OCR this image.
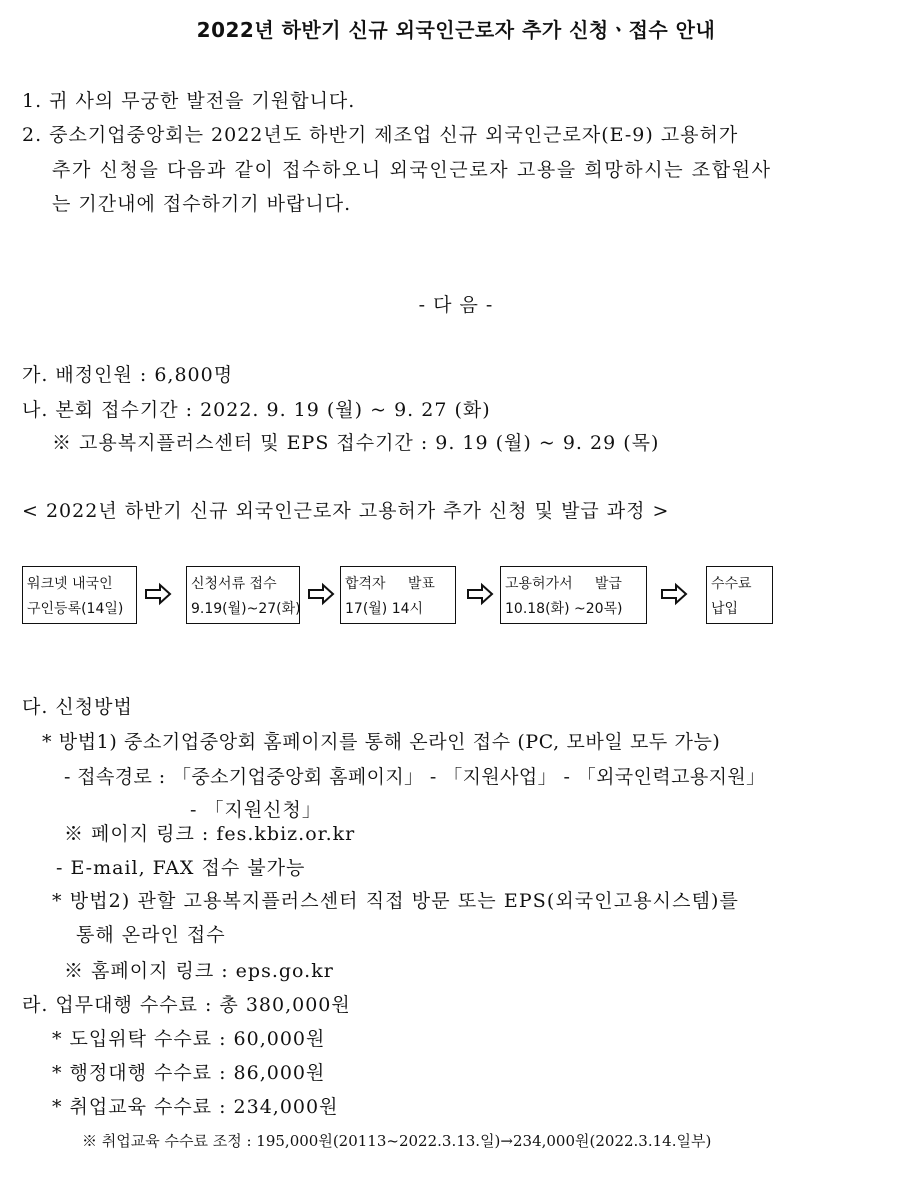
2022년 하반기 신규 외국인근로자 추가 신청ㆍ접수 안내
1. 귀 사의 무궁한 발전을 기원합니다.
2. 중소기업중앙회는 2022년도 하반기 제조업 신규 외국인근로자(E-9) 고용허가
추가 신청을 다음과 같이 접수하오니 외국인근로자 고용을 희망하시는 조합원사
는 기간내에 접수하기기 바랍니다.
- 다 음 -
가. 배정인원 : 6,800명
나. 본회 접수기간 : 2022. 9. 19 (월) ~ 9. 27 (화)
※ 고용복지플러스센터 및 EPS 접수기간 : 9. 19 (월) ~ 9. 29 (목)
< 2022년 하반기 신규 외국인근로자 고용허가 추가 신청 및 발급 과정 >
워크넷 내국인
구인등록(14일)
신청서류 접수
9.19(월)~27(화)
합격자     발표
17(월) 14시
고용허가서     발급
10.18(화) ~20목)
수수료
납입
다. 신청방법
* 방법1) 중소기업중앙회 홈페이지를 통해 온라인 접수 (PC, 모바일 모두 가능)
- 접속경로 : 「중소기업중앙회 홈페이지」 - 「지원사업」 - 「외국인력고용지원」
- 「지원신청」
※ 페이지 링크 : fes.kbiz.or.kr
- E-mail, FAX 접수 불가능
* 방법2) 관할 고용복지플러스센터 직접 방문 또는 EPS(외국인고용시스템)를
통해 온라인 접수
※ 홈페이지 링크 : eps.go.kr
라. 업무대행 수수료 : 총 380,000원
* 도입위탁 수수료 : 60,000원
* 행정대행 수수료 : 86,000원
* 취업교육 수수료 : 234,000원
※ 취업교육 수수료 조정 : 195,000원(20113~2022.3.13.일)→234,000원(2022.3.14.일부)
